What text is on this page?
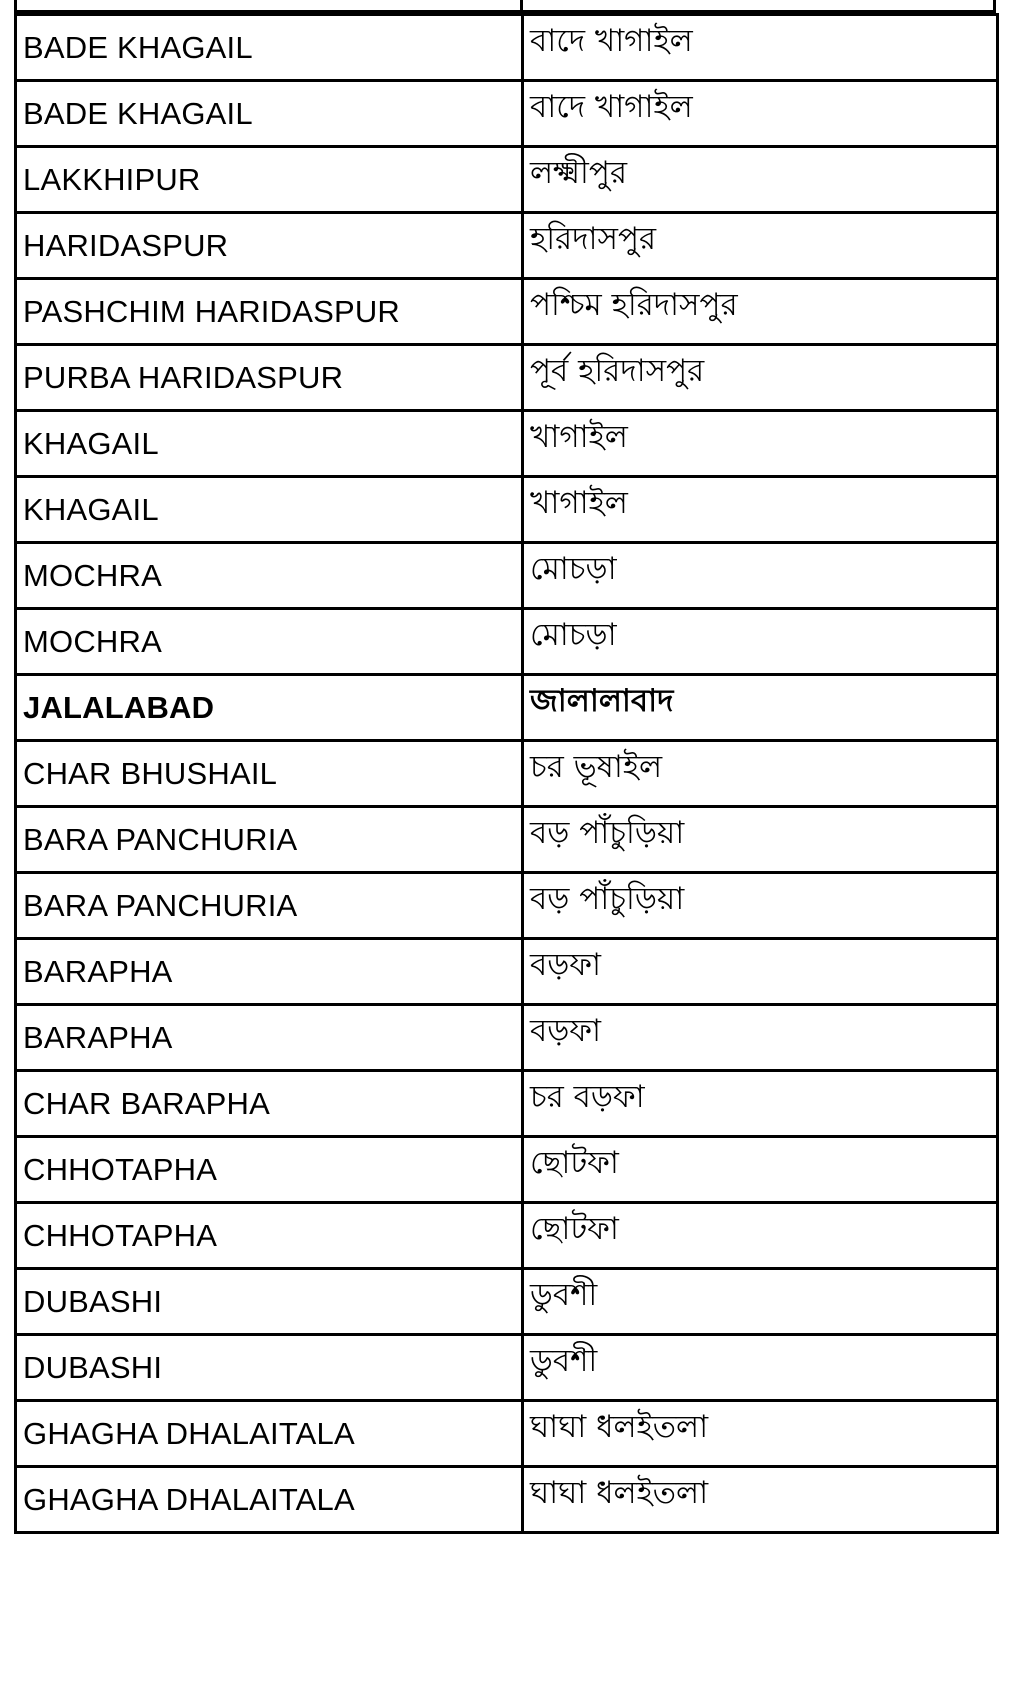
BADE KHAGAIL	বাদে খাগাইল
BADE KHAGAIL	বাদে খাগাইল
LAKKHIPUR	লক্ষ্মীপুর
HARIDASPUR	হরিদাসপুর
PASHCHIM HARIDASPUR	পশ্চিম হরিদাসপুর
PURBA HARIDASPUR	পূর্ব হরিদাসপুর
KHAGAIL	খাগাইল
KHAGAIL	খাগাইল
MOCHRA	মোচড়া
MOCHRA	মোচড়া
JALALABAD	জালালাবাদ
CHAR BHUSHAIL	চর ভূষাইল
BARA PANCHURIA	বড় পাঁচুড়িয়া
BARA PANCHURIA	বড় পাঁচুড়িয়া
BARAPHA	বড়ফা
BARAPHA	বড়ফা
CHAR BARAPHA	চর বড়ফা
CHHOTAPHA	ছোটফা
CHHOTAPHA	ছোটফা
DUBASHI	ডুবশী
DUBASHI	ডুবশী
GHAGHA DHALAITALA	ঘাঘা ধলইতলা
GHAGHA DHALAITALA	ঘাঘা ধলইতলা
